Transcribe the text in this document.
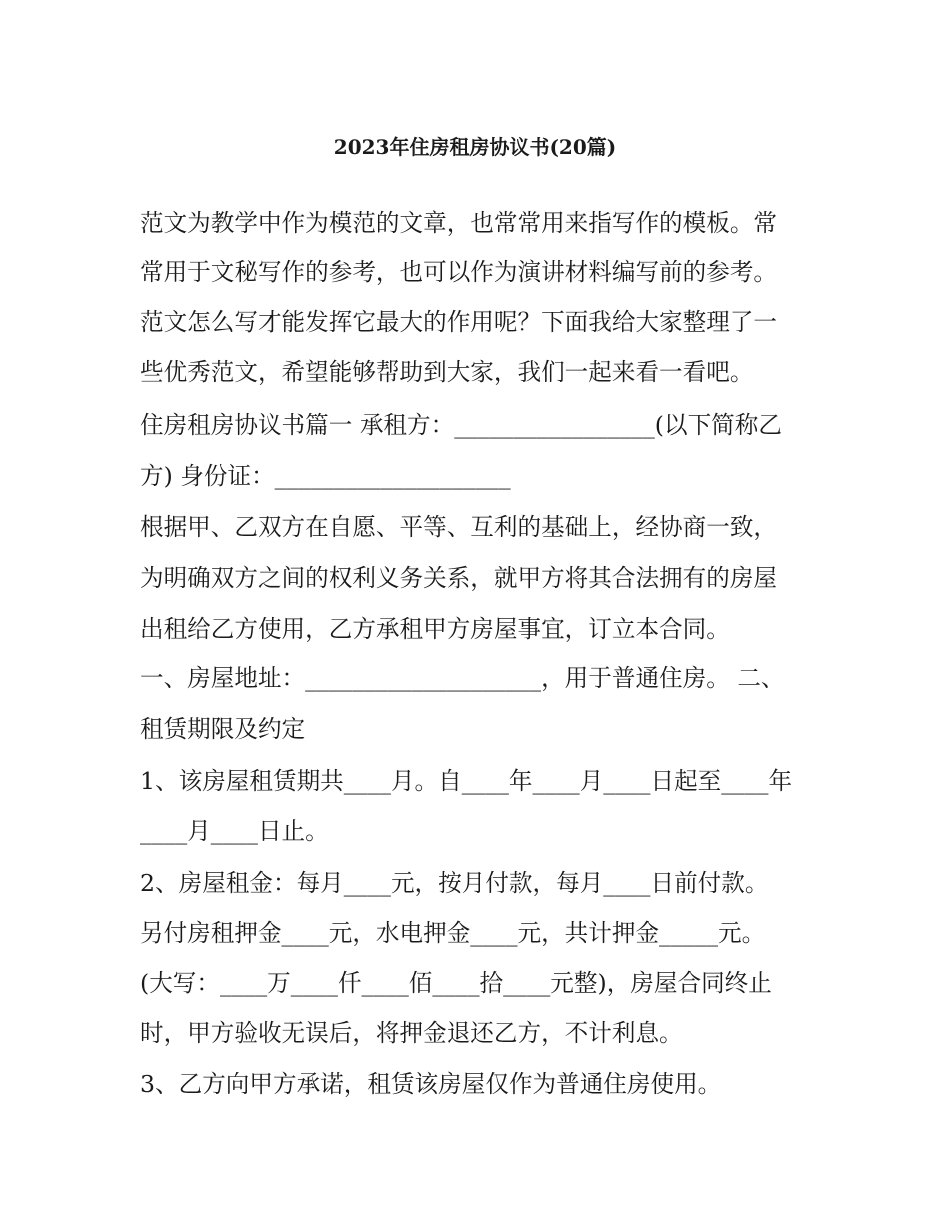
2023年住房租房协议书(20篇)
范文为教学中作为模范的文章，也常常用来指写作的模板。常
常用于文秘写作的参考，也可以作为演讲材料编写前的参考。
范文怎么写才能发挥它最大的作用呢？下面我给大家整理了一
些优秀范文，希望能够帮助到大家，我们一起来看一看吧。
住房租房协议书篇一 承租方：_________________(以下简称乙
方) 身份证：____________________
根据甲、乙双方在自愿、平等、互利的基础上，经协商一致，
为明确双方之间的权利义务关系，就甲方将其合法拥有的房屋
出租给乙方使用，乙方承租甲方房屋事宜，订立本合同。
一、房屋地址：____________________，用于普通住房。 二、
租赁期限及约定
1、该房屋租赁期共____月。自____年____月____日起至____年
____月____日止。
2、房屋租金：每月____元，按月付款，每月____日前付款。
另付房租押金____元，水电押金____元，共计押金_____元。
(大写：____万____仟____佰____拾____元整)，房屋合同终止
时，甲方验收无误后，将押金退还乙方，不计利息。
3、乙方向甲方承诺，租赁该房屋仅作为普通住房使用。
